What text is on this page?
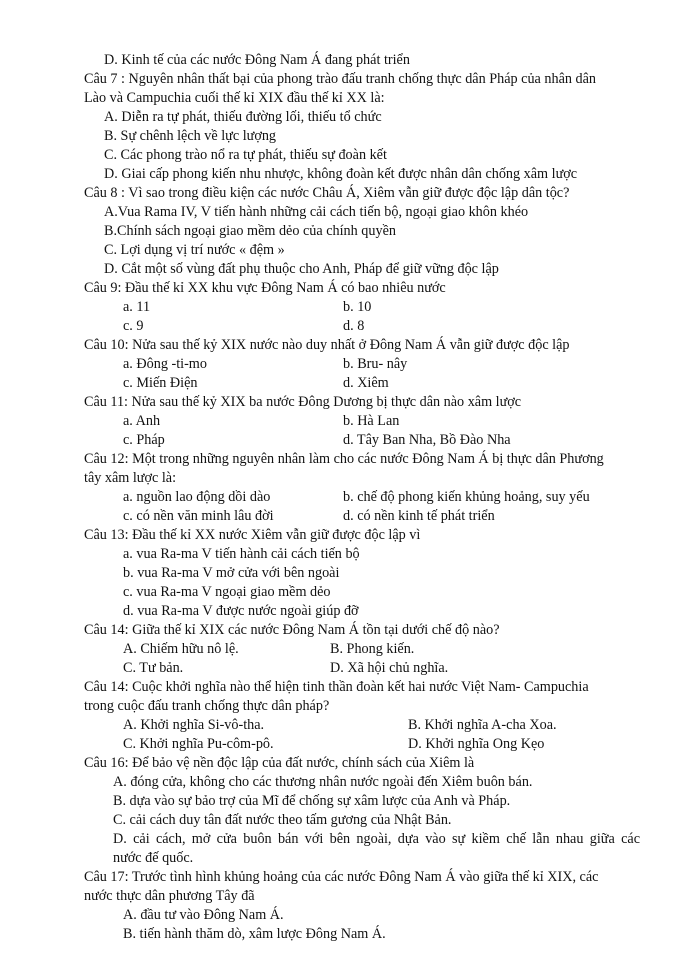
D. Kinh tế của các nước Đông Nam Á đang phát triển
Câu 7 : Nguyên nhân thất bại của phong trào đấu tranh chống thực dân Pháp của nhân dân
Lào và Campuchia cuối thế kỉ XIX đầu thế kỉ XX là:
A. Diễn ra tự phát, thiếu đường lối, thiếu tổ chức
B. Sự chênh lệch về lực lượng
C. Các phong trào nổ ra tự phát, thiếu sự đoàn kết
D. Giai cấp phong kiến nhu nhược, không đoàn kết được nhân dân chống xâm lược
Câu 8 : Vì sao trong điều kiện các nước Châu Á, Xiêm vẫn giữ được độc lập dân tộc?
A.Vua Rama IV, V tiến hành những cải cách tiến bộ, ngoại giao khôn khéo
B.Chính sách ngoại giao mềm dẻo của chính quyền
C. Lợi dụng vị trí nước « đệm »
D. Cắt một số vùng đất phụ thuộc cho Anh, Pháp để giữ vững độc lập
Câu 9: Đầu thế kỉ XX khu vực Đông Nam Á có bao nhiêu nước
a. 11	b. 10
c. 9	d. 8
Câu 10: Nửa sau thế kỷ XIX nước nào duy nhất ở Đông Nam Á vẫn giữ được độc lập
a. Đông -ti-mo	b. Bru- nây
c. Miến Điện	d. Xiêm
Câu 11: Nửa sau thế kỷ XIX ba nước Đông Dương bị thực dân nào xâm lược
a. Anh	b. Hà Lan
c. Pháp	d. Tây Ban Nha, Bồ Đào Nha
Câu 12: Một trong những nguyên nhân làm cho các nước Đông Nam Á bị thực dân Phương
tây xâm lược là:
a. nguồn lao động dồi dào	b. chế độ phong kiến khủng hoảng, suy yếu
c. có nền văn minh lâu đời	d. có nền kinh tế phát triển
Câu 13: Đầu thế kỉ XX nước Xiêm vẫn giữ được độc lập vì
a. vua Ra-ma V tiến hành cải cách tiến bộ
b. vua Ra-ma V mở cửa với bên ngoài
c. vua Ra-ma V ngoại giao mềm dẻo
d. vua Ra-ma V được nước ngoài giúp đỡ
Câu 14: Giữa thế kỉ XIX các nước Đông Nam Á tồn tại dưới chế độ nào?
A. Chiếm hữu nô lệ.	B. Phong kiến.
C. Tư bản.	D. Xã hội chủ nghĩa.
Câu 14: Cuộc khởi nghĩa nào thể hiện tinh thần đoàn kết hai nước Việt Nam- Campuchia
trong cuộc đấu tranh chống thực dân pháp?
A. Khởi nghĩa Si-vô-tha.	B. Khởi nghĩa A-cha Xoa.
C. Khởi nghĩa Pu-côm-pô.	D. Khởi nghĩa Ong Kẹo
Câu 16: Để bảo vệ nền độc lập của đất nước, chính sách của Xiêm là
A. đóng cửa, không cho các thương nhân nước ngoài đến Xiêm buôn bán.
B. dựa vào sự bảo trợ của Mĩ để chống sự xâm lược của Anh và Pháp.
C. cải cách duy tân đất nước theo tấm gương của Nhật Bản.
D. cải cách, mở cửa buôn bán với bên ngoài, dựa vào sự kiềm chế lẫn nhau giữa các
nước đế quốc.
Câu 17: Trước tình hình khủng hoảng của các nước Đông Nam Á vào giữa thế kỉ XIX, các
nước thực dân phương Tây đã
A. đầu tư vào Đông Nam Á.
B. tiến hành thăm dò, xâm lược Đông Nam Á.
